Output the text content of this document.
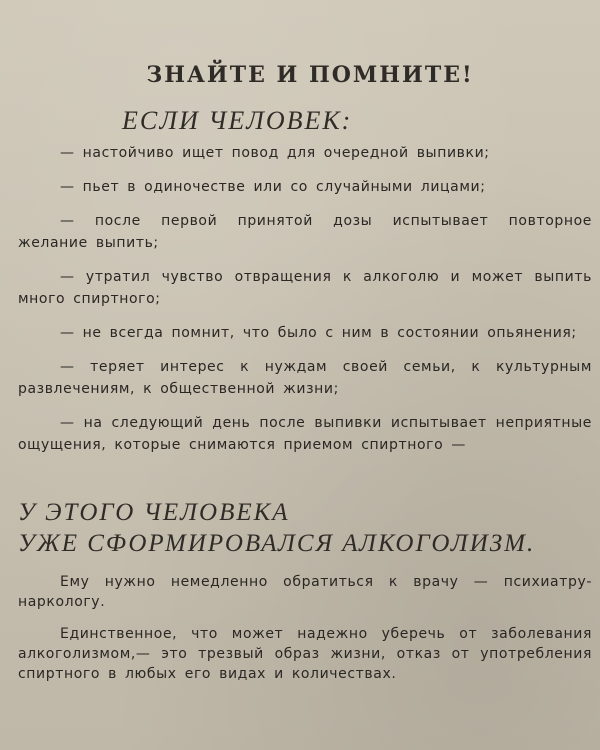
ЗНАЙТЕ И ПОМНИТЕ!
ЕСЛИ ЧЕЛОВЕК:
— настойчиво ищет повод для очередной выпивки;
— пьет в одиночестве или со случайными лицами;
— после первой принятой дозы испытывает повторное желание выпить;
— утратил чувство отвращения к алкоголю и может выпить много спиртного;
— не всегда помнит, что было с ним в состоянии опьянения;
— теряет интерес к нуждам своей семьи, к культурным развлечениям, к общественной жизни;
— на следующий день после выпивки испытывает неприятные ощущения, которые снимаются приемом спиртного —
У ЭТОГО ЧЕЛОВЕКА
УЖЕ СФОРМИРОВАЛСЯ АЛКОГОЛИЗМ.
Ему нужно немедленно обратиться к врачу — психиатру-наркологу.
Единственное, что может надежно уберечь от заболевания алкоголизмом,— это трезвый образ жизни, отказ от употребления спиртного в любых его видах и количествах.
